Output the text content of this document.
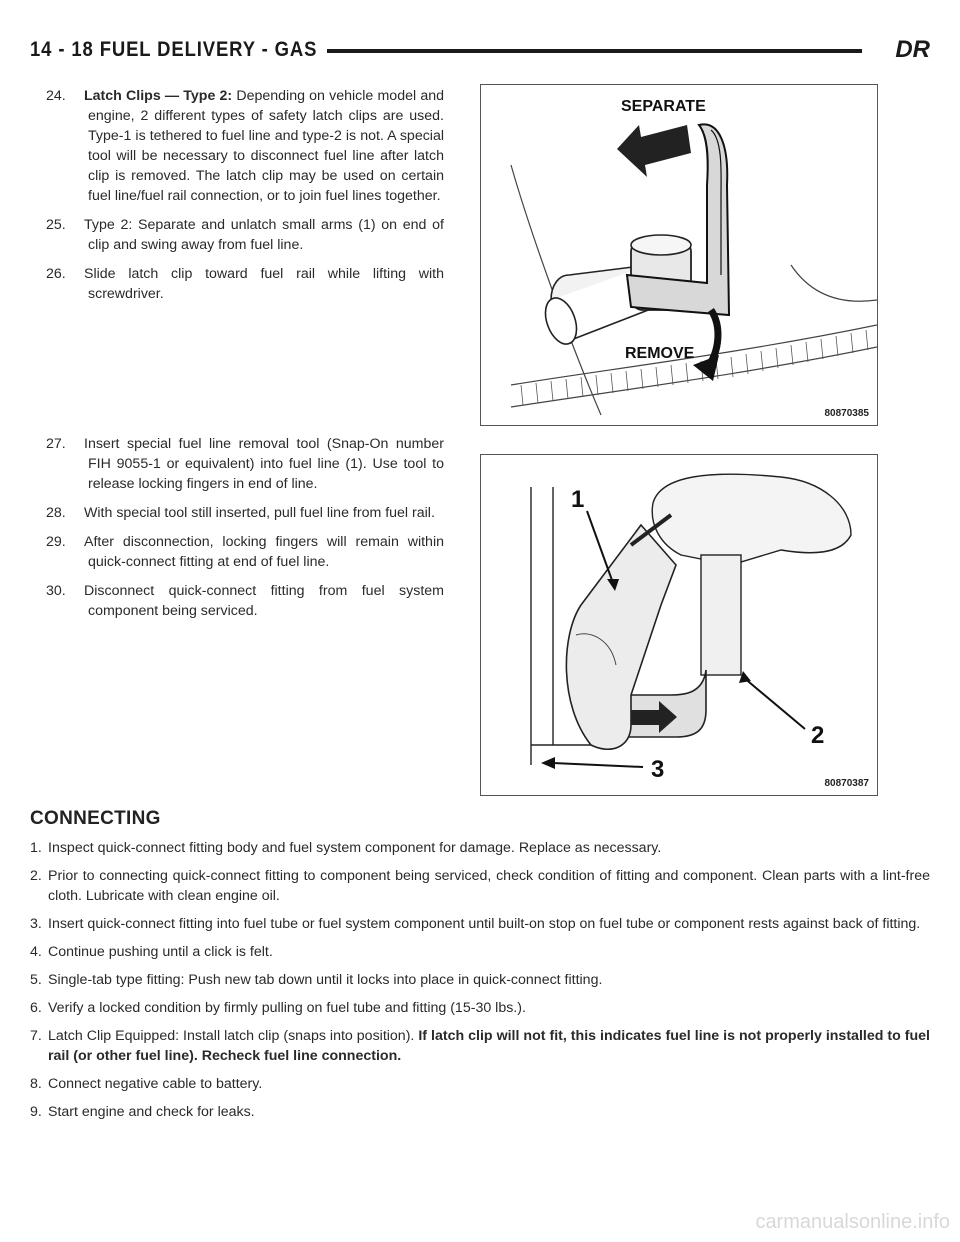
14 - 18 FUEL DELIVERY - GAS	DR
24. Latch Clips — Type 2: Depending on vehicle model and engine, 2 different types of safety latch clips are used. Type-1 is tethered to fuel line and type-2 is not. A special tool will be necessary to disconnect fuel line after latch clip is removed. The latch clip may be used on certain fuel line/fuel rail connection, or to join fuel lines together.
25. Type 2: Separate and unlatch small arms (1) on end of clip and swing away from fuel line.
26. Slide latch clip toward fuel rail while lifting with screwdriver.
27. Insert special fuel line removal tool (Snap-On number FIH 9055-1 or equivalent) into fuel line (1). Use tool to release locking fingers in end of line.
28. With special tool still inserted, pull fuel line from fuel rail.
29. After disconnection, locking fingers will remain within quick-connect fitting at end of fuel line.
30. Disconnect quick-connect fitting from fuel system component being serviced.
SEPARATE
REMOVE
80870385
1
2
3
80870387
CONNECTING
1. Inspect quick-connect fitting body and fuel system component for damage. Replace as necessary.
2. Prior to connecting quick-connect fitting to component being serviced, check condition of fitting and component. Clean parts with a lint-free cloth. Lubricate with clean engine oil.
3. Insert quick-connect fitting into fuel tube or fuel system component until built-on stop on fuel tube or component rests against back of fitting.
4. Continue pushing until a click is felt.
5. Single-tab type fitting: Push new tab down until it locks into place in quick-connect fitting.
6. Verify a locked condition by firmly pulling on fuel tube and fitting (15-30 lbs.).
7. Latch Clip Equipped: Install latch clip (snaps into position). If latch clip will not fit, this indicates fuel line is not properly installed to fuel rail (or other fuel line). Recheck fuel line connection.
8. Connect negative cable to battery.
9. Start engine and check for leaks.
carmanualsonline.info
